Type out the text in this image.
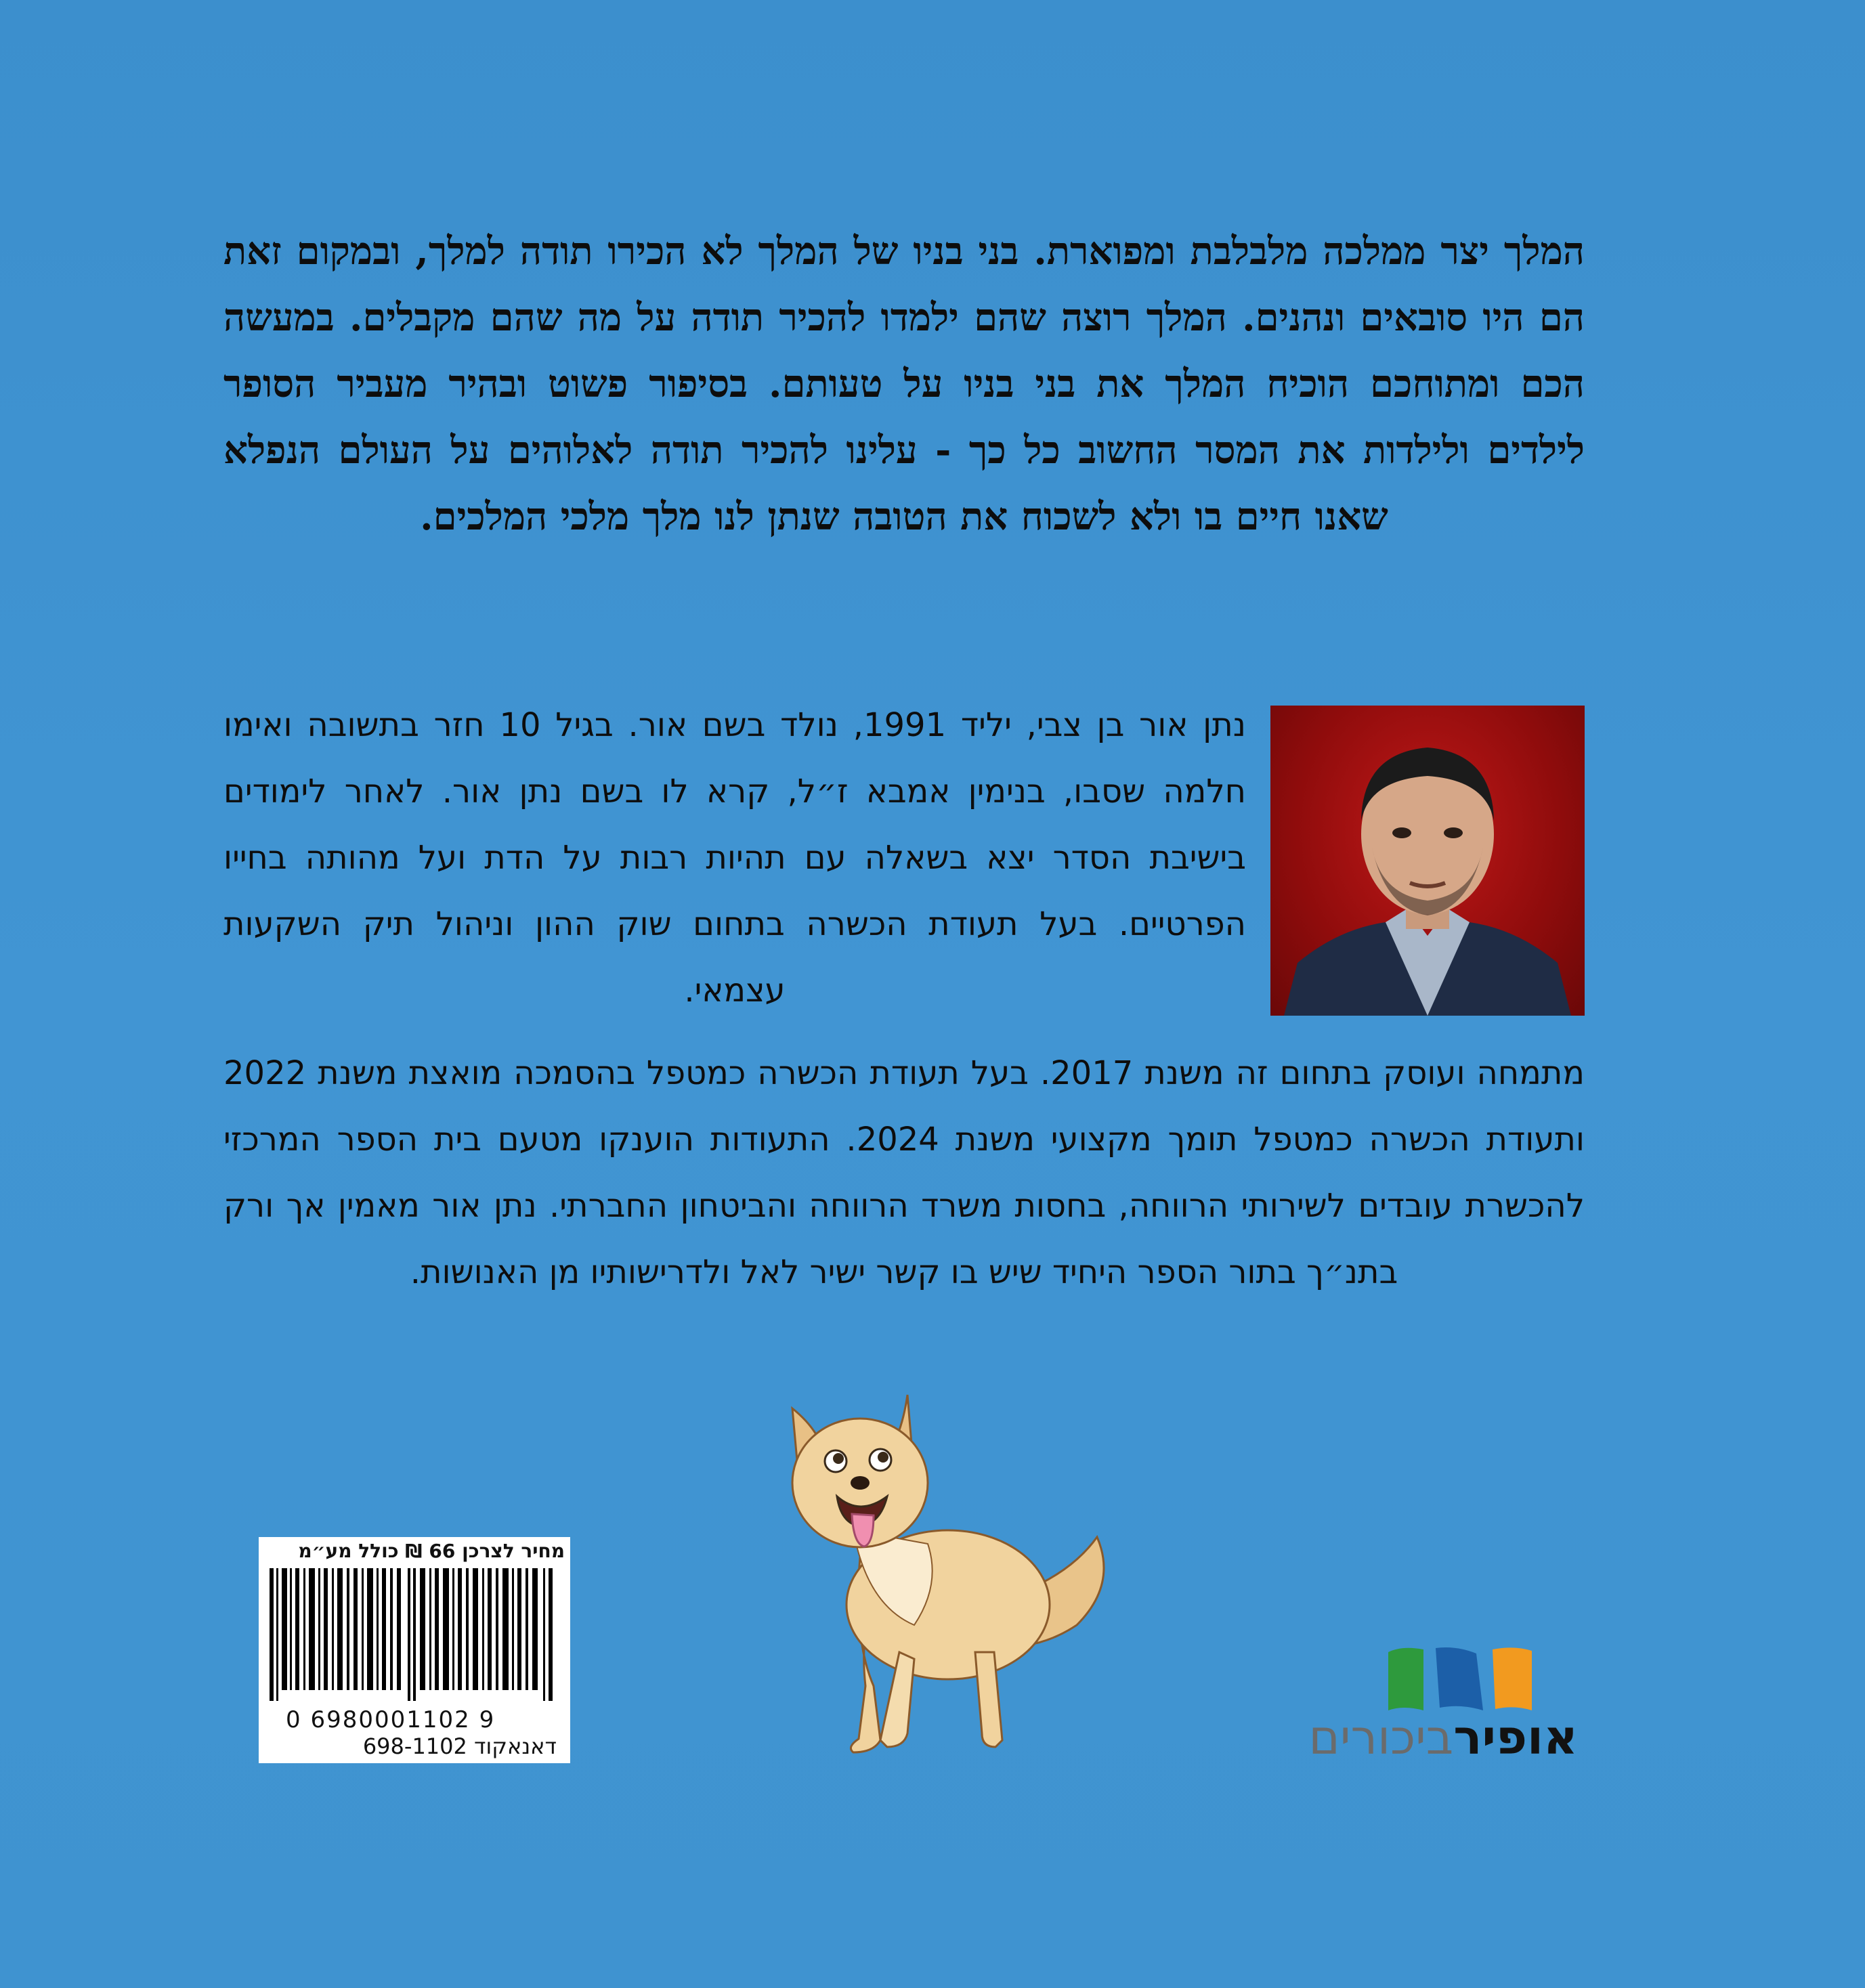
המלך יצר ממלכה מלבלבת ומפוארת. בני בניו של המלך לא הכירו תודה למלך, ובמקום זאת הם היו סובאים ונהנים. המלך רוצה שהם ילמדו להכיר תודה על מה שהם מקבלים. במעשה הכם ומתוחכם הוכיח המלך את בני בניו על טעותם. בסיפור פשוט ובהיר מעביר הסופר לילדים ולילדות את המסר החשוב כל כך - עלינו להכיר תודה לאלוהים על העולם הנפלא שאנו חיים בו ולא לשכוח את הטובה שנתן לנו מלך מלכי המלכים.
נתן אור בן צבי, יליד 1991, נולד בשם אור. בגיל 10 חזר בתשובה ואימו חלמה שסבו, בנימין אמבא ז״ל, קרא לו בשם נתן אור. לאחר לימודים בישיבת הסדר יצא בשאלה עם תהיות רבות על הדת ועל מהותה בחייו הפרטיים. בעל תעודת הכשרה בתחום שוק ההון וניהול תיק השקעות עצמאי.
מתמחה ועוסק בתחום זה משנת 2017. בעל תעודת הכשרה כמטפל בהסמכה מואצת משנת 2022 ותעודת הכשרה כמטפל תומך מקצועי משנת 2024. התעודות הוענקו מטעם בית הספר המרכזי להכשרת עובדים לשירותי הרווחה, בחסות משרד הרווחה והביטחון החברתי. נתן אור מאמין אך ורק בתנ״ך בתור הספר היחיד שיש בו קשר ישיר לאל ולדרישותיו מן האנושות.
מחיר לצרכן 66 ₪ כולל מע״מ
0 6980001102 9
דאנאקוד 698-1102	אופירביכורים
